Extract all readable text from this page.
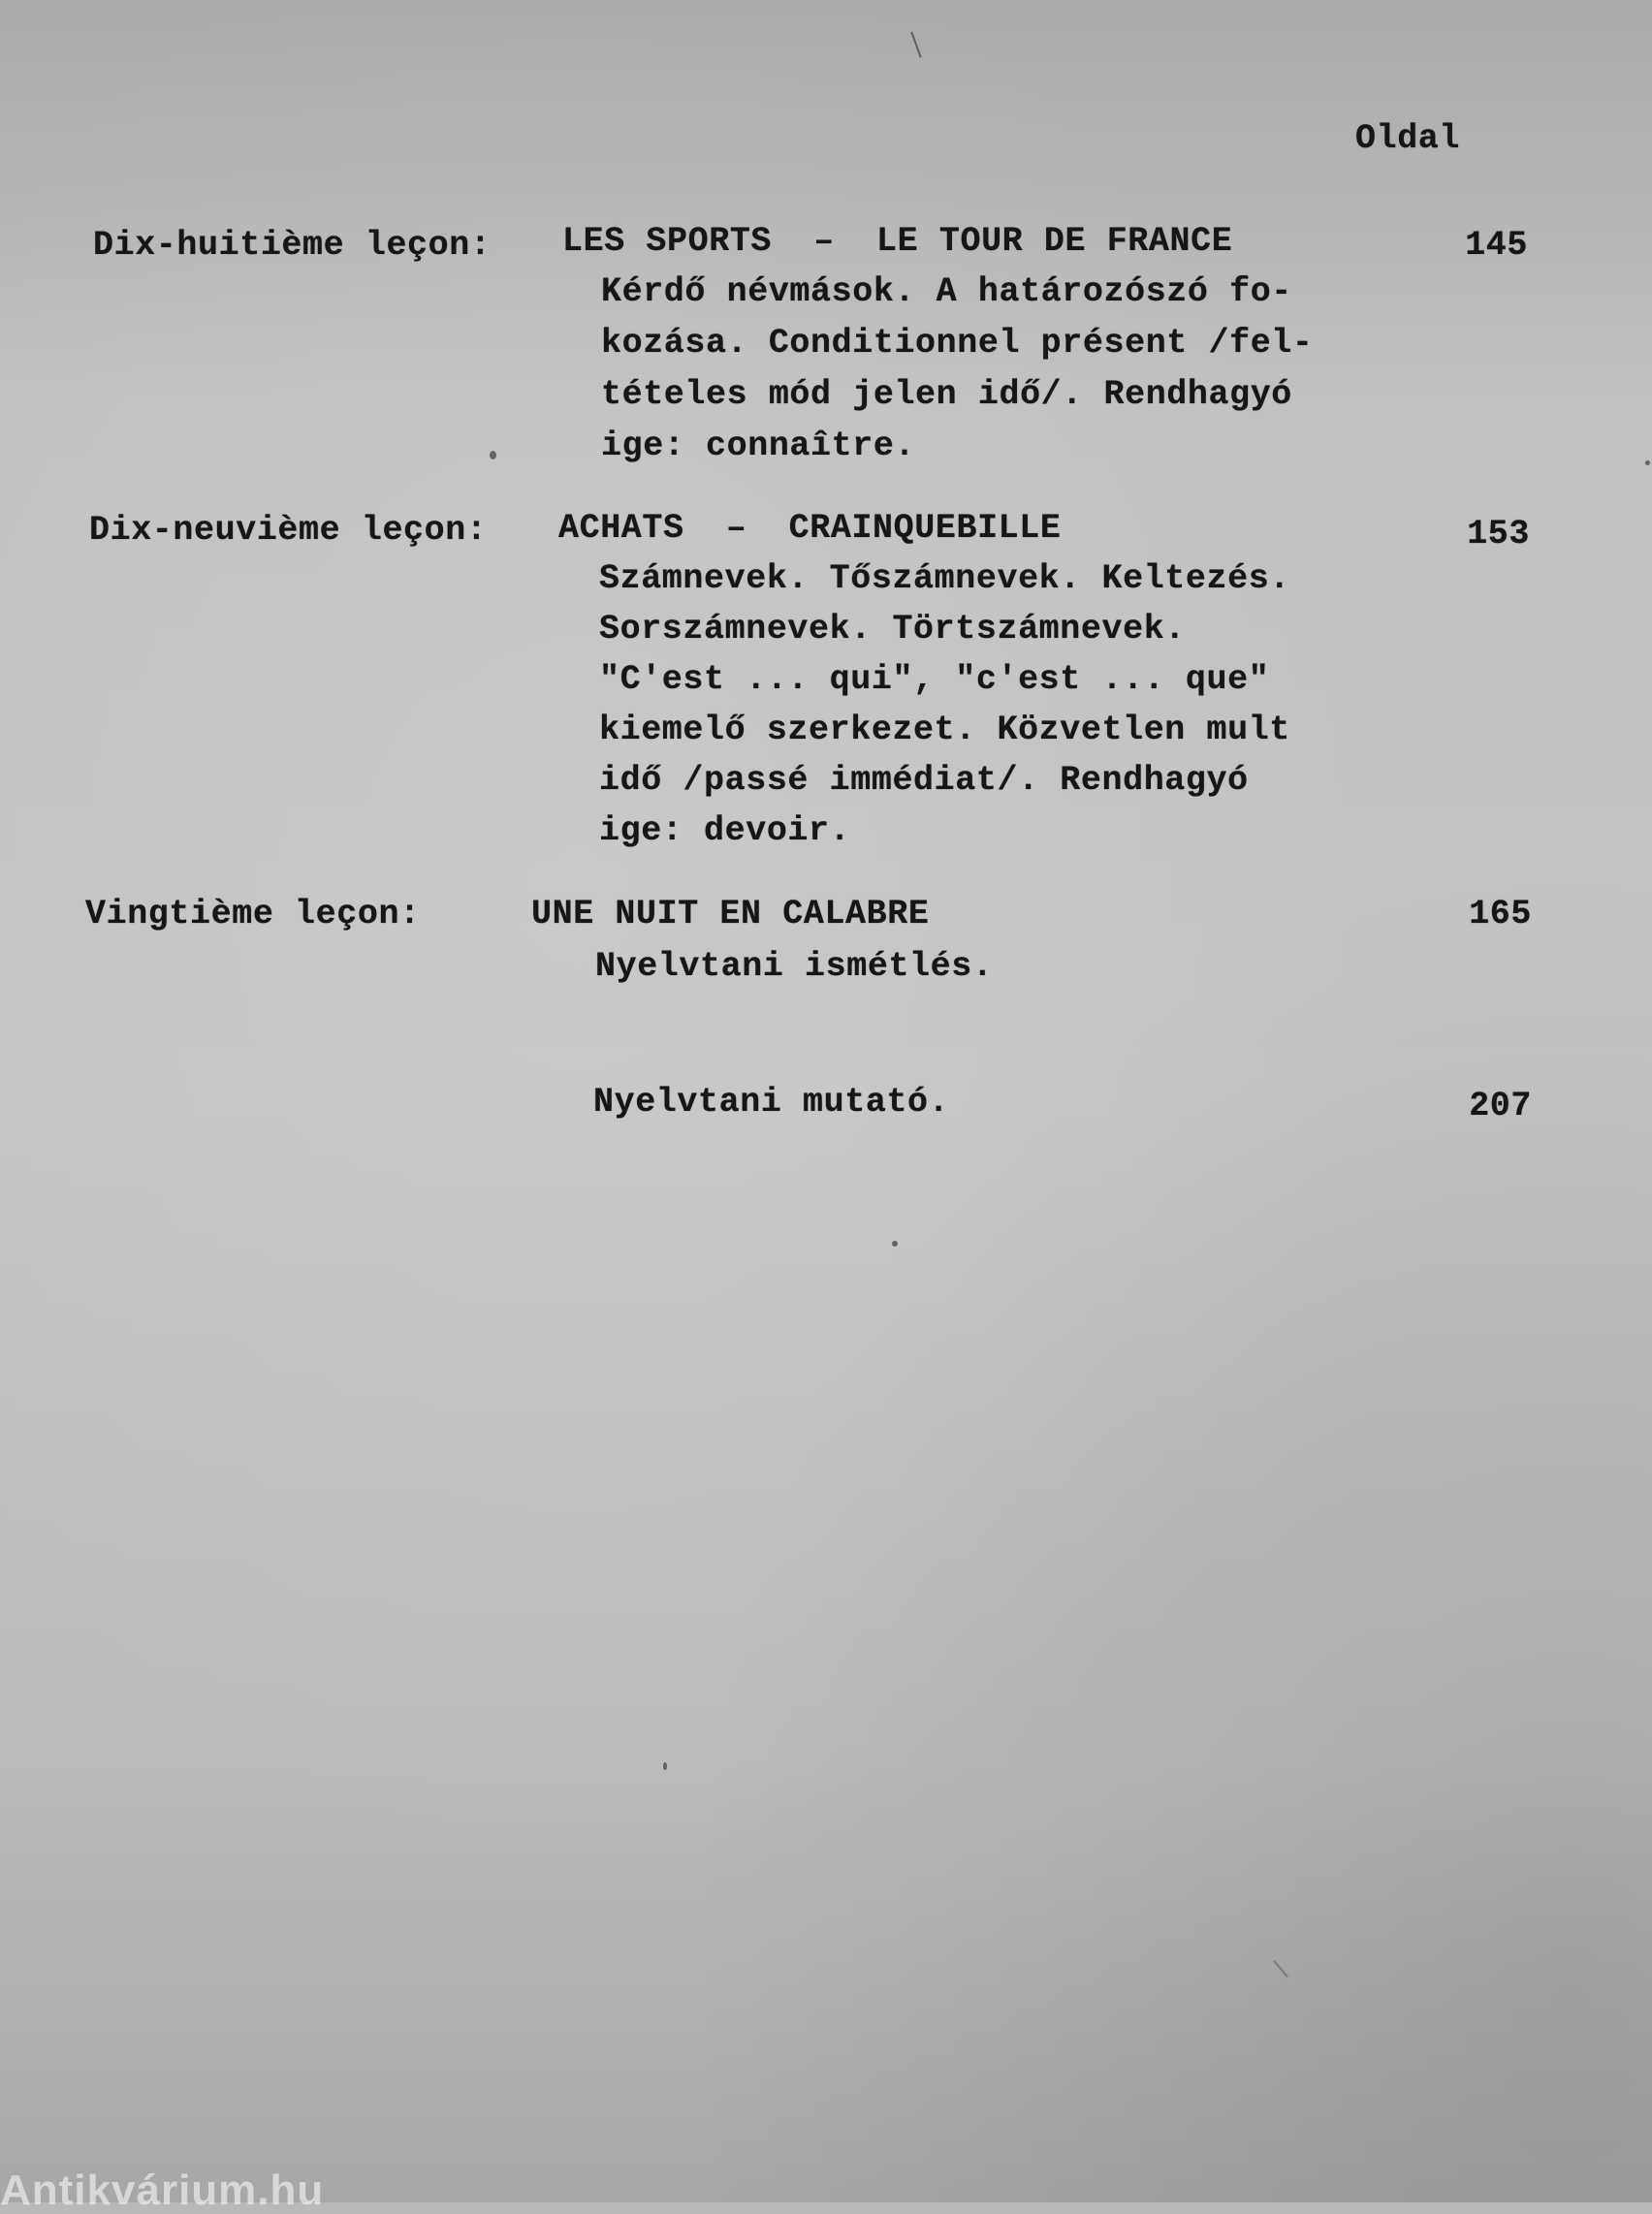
Oldal
Dix-huitième leçon: LES SPORTS  –  LE TOUR DE FRANCE	145
Kérdő névmások. A határozószó fo-
kozása. Conditionnel présent /fel-
tételes mód jelen idő/. Rendhagyó
ige: connaître.
Dix-neuvième leçon: ACHATS  –  CRAINQUEBILLE	153
Számnevek. Tőszámnevek. Keltezés.
Sorszámnevek. Törtszámnevek.
"C'est ... qui", "c'est ... que"
kiemelő szerkezet. Közvetlen mult
idő /passé immédiat/. Rendhagyó
ige: devoir.
Vingtième leçon:	UNE NUIT EN CALABRE	165
Nyelvtani ismétlés.
Nyelvtani mutató.	207
Antikvárium.hu
